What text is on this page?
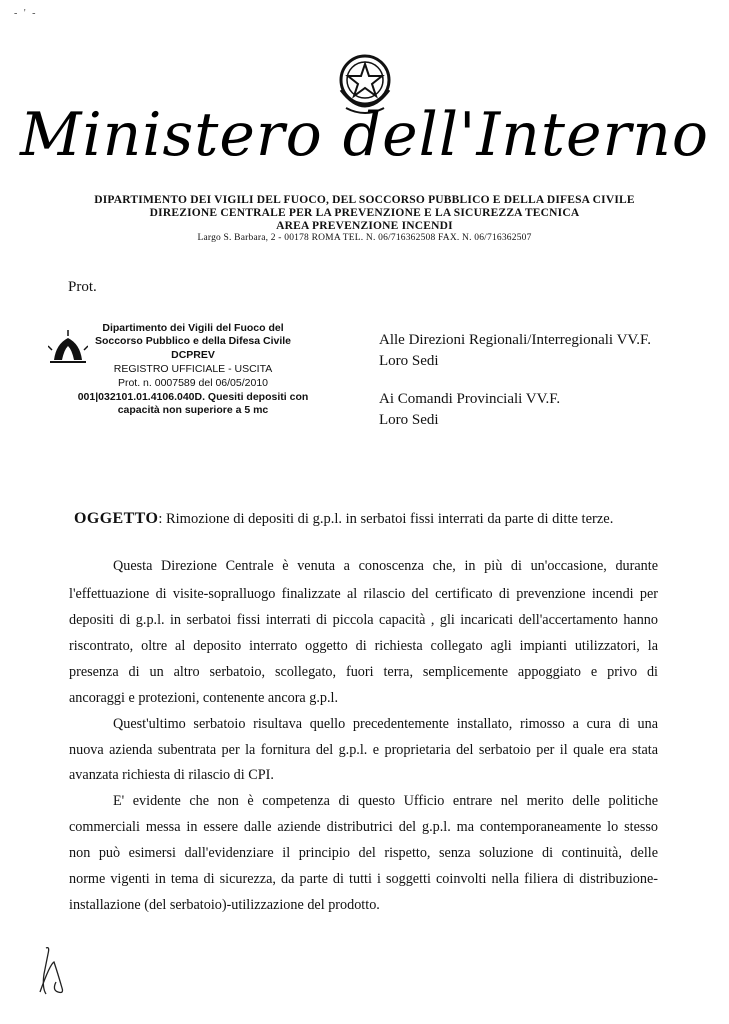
- ' -
Ministero dell'Interno
DIPARTIMENTO DEI VIGILI DEL FUOCO, DEL SOCCORSO PUBBLICO E DELLA DIFESA CIVILE
DIREZIONE CENTRALE PER LA PREVENZIONE E LA SICUREZZA TECNICA
AREA PREVENZIONE INCENDI
Largo S. Barbara, 2 - 00178 ROMA TEL. N. 06/716362508 FAX. N. 06/716362507
Prot.
Dipartimento dei Vigili del Fuoco del
Soccorso Pubblico e della Difesa Civile
DCPREV
REGISTRO UFFICIALE - USCITA
Prot. n. 0007589 del 06/05/2010
001|032101.01.4106.040D. Quesiti depositi con
capacità non superiore a 5 mc
Alle Direzioni Regionali/Interregionali VV.F.
Loro Sedi
Ai Comandi Provinciali VV.F.
Loro Sedi
OGGETTO: Rimozione di depositi di g.p.l. in serbatoi fissi interrati da parte di ditte terze.
Questa Direzione Centrale è venuta a conoscenza che, in più di un'occasione, durante
l'effettuazione di visite-sopralluogo finalizzate al rilascio del certificato di prevenzione incendi per
depositi di g.p.l. in serbatoi fissi interrati di piccola capacità , gli incaricati dell'accertamento hanno
riscontrato, oltre al deposito interrato oggetto di richiesta collegato agli impianti utilizzatori, la
presenza di un altro serbatoio, scollegato, fuori terra, semplicemente appoggiato e privo di
ancoraggi e protezioni, contenente ancora g.p.l.
Quest'ultimo serbatoio risultava quello precedentemente installato, rimosso a cura di una
nuova azienda subentrata per la fornitura del g.p.l. e proprietaria del serbatoio per il quale era stata
avanzata richiesta di rilascio di CPI.
E' evidente che non è competenza di questo Ufficio entrare nel merito delle politiche
commerciali messa in essere dalle aziende distributrici del g.p.l. ma contemporaneamente lo stesso
non può esimersi dall'evidenziare il principio del rispetto, senza soluzione di continuità, delle
norme vigenti in tema di sicurezza, da parte di tutti i soggetti coinvolti nella filiera di distribuzione-
installazione (del serbatoio)-utilizzazione del prodotto.
